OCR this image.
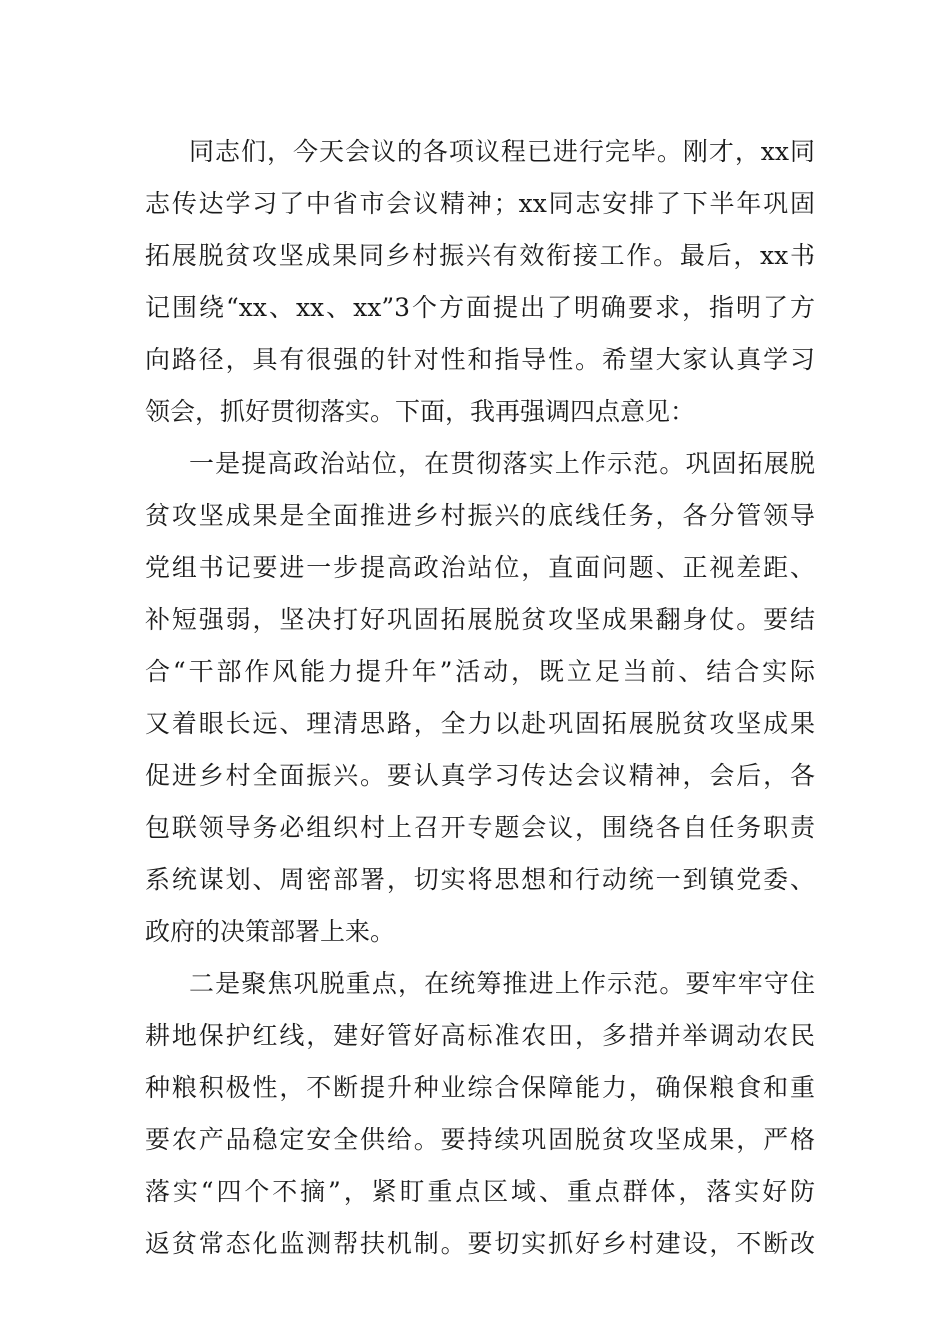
同志们，今天会议的各项议程已进行完毕。刚才，xx同
志传达学习了中省市会议精神；xx同志安排了下半年巩固
拓展脱贫攻坚成果同乡村振兴有效衔接工作。最后，xx书
记围绕“xx、xx、xx”3个方面提出了明确要求，指明了方
向路径，具有很强的针对性和指导性。希望大家认真学习
领会，抓好贯彻落实。下面，我再强调四点意见：
一是提高政治站位，在贯彻落实上作示范。巩固拓展脱
贫攻坚成果是全面推进乡村振兴的底线任务，各分管领导
党组书记要进一步提高政治站位，直面问题、正视差距、
补短强弱，坚决打好巩固拓展脱贫攻坚成果翻身仗。要结
合“干部作风能力提升年”活动，既立足当前、结合实际
又着眼长远、理清思路，全力以赴巩固拓展脱贫攻坚成果
促进乡村全面振兴。要认真学习传达会议精神，会后，各
包联领导务必组织村上召开专题会议，围绕各自任务职责
系统谋划、周密部署，切实将思想和行动统一到镇党委、
政府的决策部署上来。
二是聚焦巩脱重点，在统筹推进上作示范。要牢牢守住
耕地保护红线，建好管好高标准农田，多措并举调动农民
种粮积极性，不断提升种业综合保障能力，确保粮食和重
要农产品稳定安全供给。要持续巩固脱贫攻坚成果，严格
落实“四个不摘”，紧盯重点区域、重点群体，落实好防
返贫常态化监测帮扶机制。要切实抓好乡村建设，不断改
